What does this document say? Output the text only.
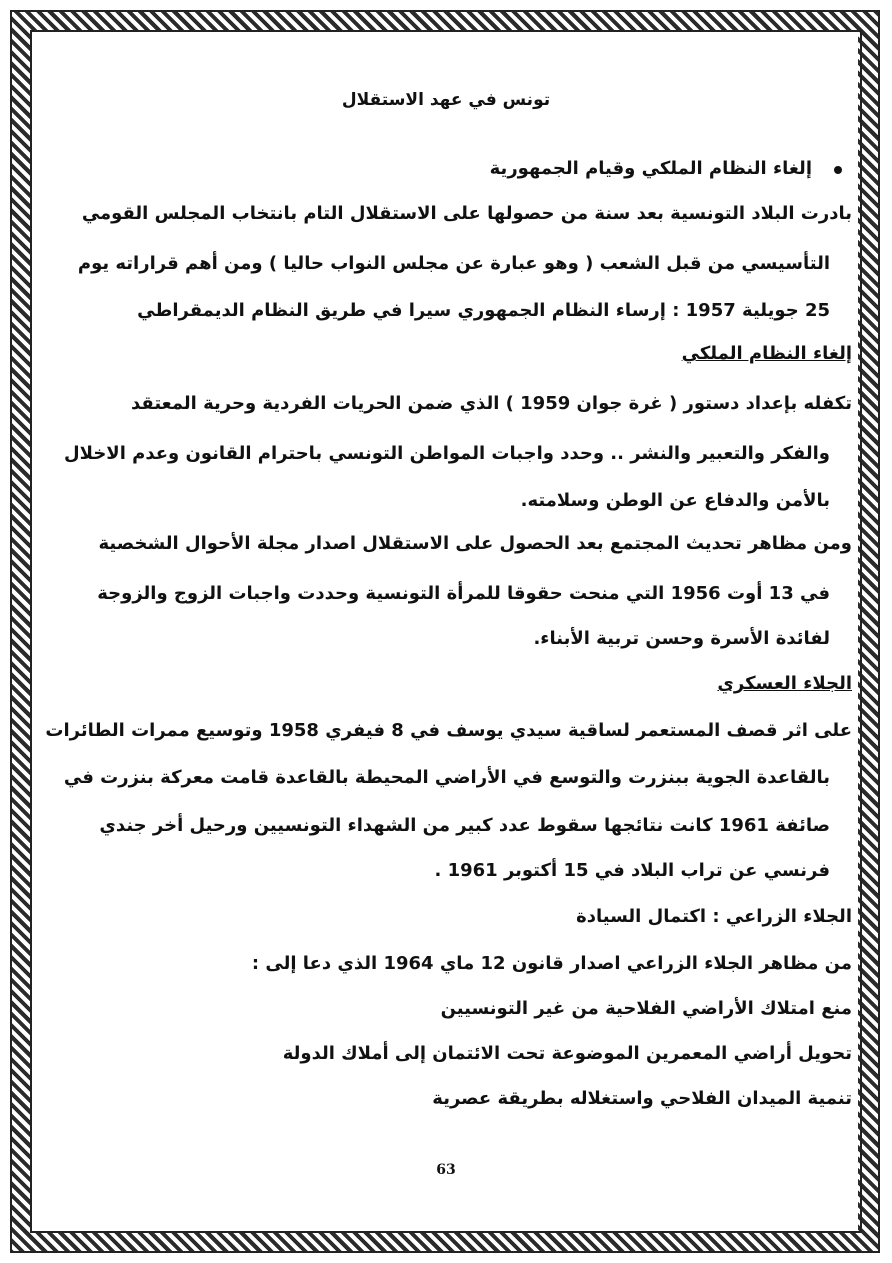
تونس في عهد الاستقلال
إلغاء النظام الملكي وقيام الجمهورية
بادرت البلاد التونسية بعد سنة من حصولها على الاستقلال التام بانتخاب المجلس القومي
التأسيسي من قبل الشعب ( وهو عبارة عن مجلس النواب حاليا ) ومن أهم قراراته يوم
25 جويلية 1957 : إرساء النظام الجمهوري سيرا في طريق النظام الديمقراطي
إلغاء النظام الملكي
تكفله بإعداد دستور ( غرة جوان 1959 ) الذي ضمن الحريات الفردية وحرية المعتقد
والفكر والتعبير والنشر .. وحدد واجبات المواطن التونسي باحترام القانون وعدم الاخلال
بالأمن والدفاع عن الوطن وسلامته.
ومن مظاهر تحديث المجتمع بعد الحصول على الاستقلال اصدار مجلة الأحوال الشخصية
في 13 أوت 1956 التي منحت حقوقا للمرأة التونسية وحددت واجبات الزوج والزوجة
لفائدة الأسرة وحسن تربية الأبناء.
الجلاء العسكري
على اثر قصف المستعمر لساقية سيدي يوسف في 8 فيفري 1958 وتوسيع ممرات الطائرات
بالقاعدة الجوية ببنزرت والتوسع في الأراضي المحيطة بالقاعدة قامت معركة بنزرت في
صائفة 1961 كانت نتائجها سقوط عدد كبير من الشهداء التونسيين ورحيل أخر جندي
فرنسي عن تراب البلاد في 15 أكتوبر 1961 .
الجلاء الزراعي : اكتمال السيادة
من مظاهر الجلاء الزراعي اصدار قانون 12 ماي 1964 الذي دعا إلى :
منع امتلاك الأراضي الفلاحية من غير التونسيين
تحويل أراضي المعمرين الموضوعة تحت الائتمان إلى أملاك الدولة
تنمية الميدان الفلاحي واستغلاله بطريقة عصرية
63
